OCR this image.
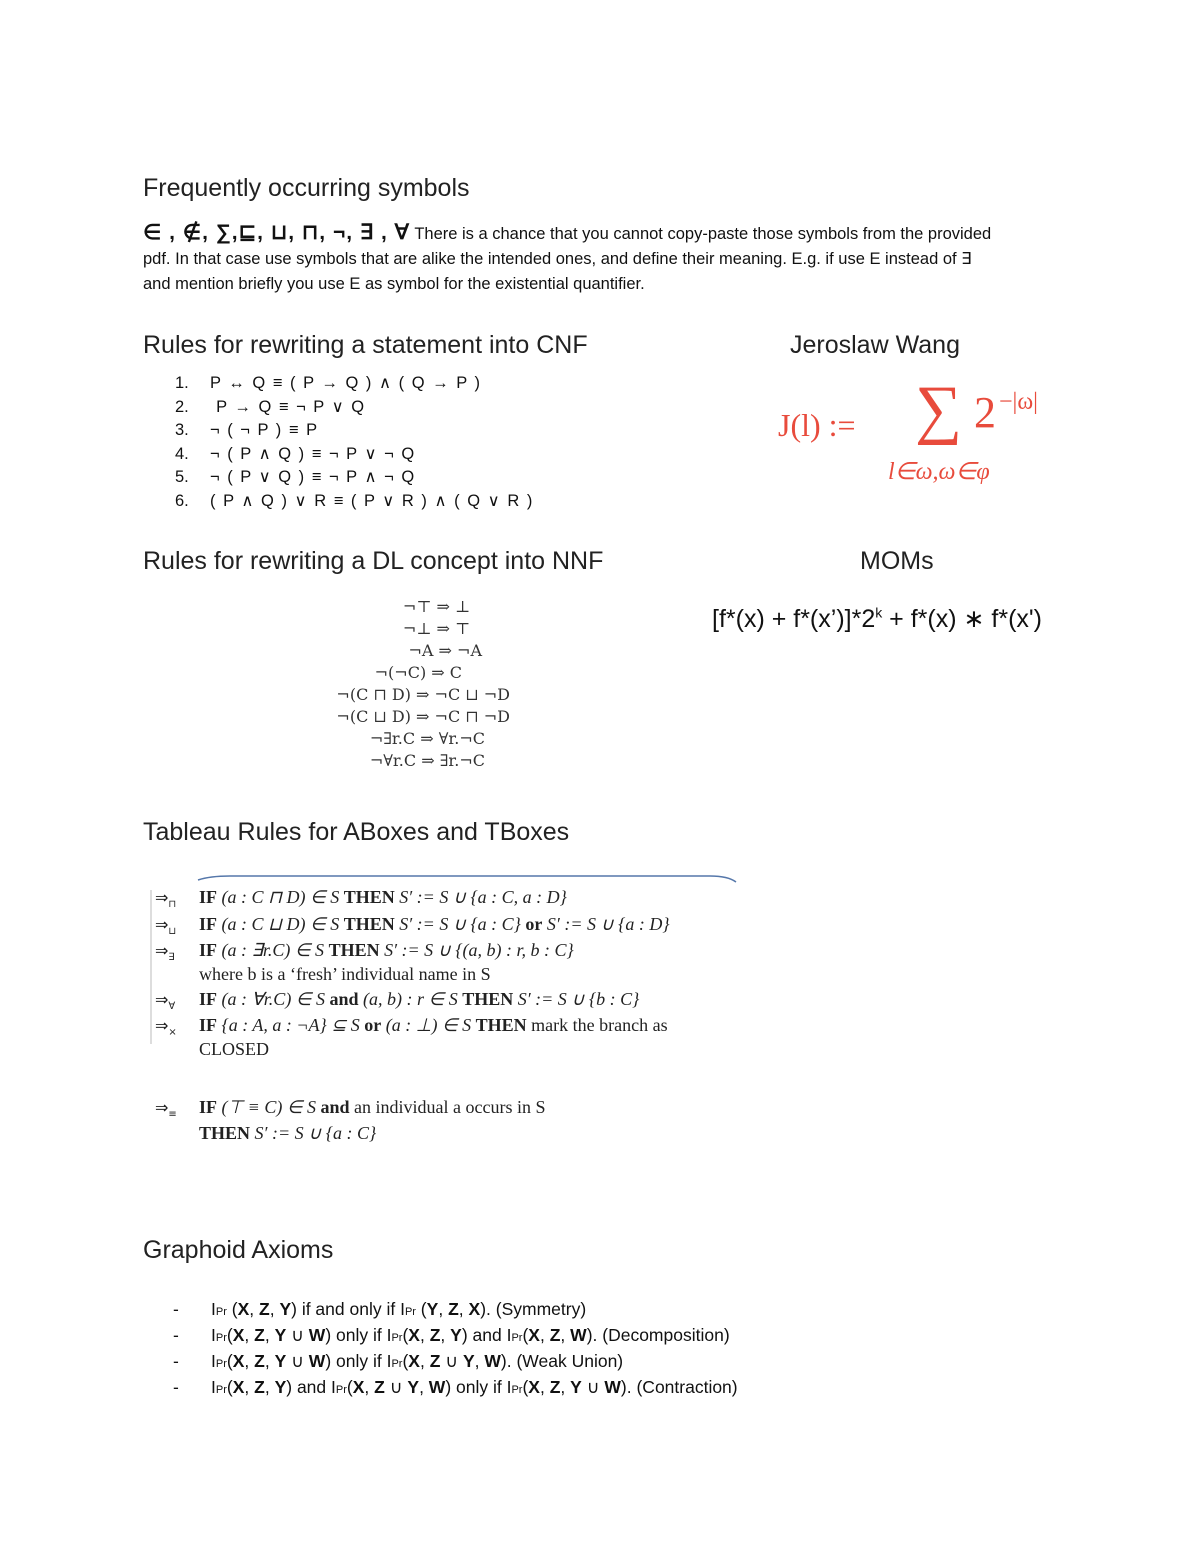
Frequently occurring symbols
∈ , ∉, ∑,⊑, ⊔, ⊓, ¬, ∃ , ∀ There is a chance that you cannot copy-paste those symbols from the provided
pdf. In that case use symbols that are alike the intended ones, and define their meaning. E.g. if use E instead of ∃
and mention briefly you use E as symbol for the existential quantifier.
Rules for rewriting a statement into CNF
1. P ↔ Q ≡ ( P → Q ) ∧ ( Q → P )
2. P → Q ≡ ¬ P ∨ Q
3. ¬ ( ¬ P ) ≡ P
4. ¬ ( P ∧ Q ) ≡ ¬ P ∨ ¬ Q
5. ¬ ( P ∨ Q ) ≡ ¬ P ∧ ¬ Q
6. ( P ∧ Q ) ∨ R ≡ ( P ∨ R ) ∧ ( Q ∨ R )
Jeroslaw Wang
J(l) := ∑ 2 −|ω|
l∈ω,ω∈φ
Rules for rewriting a DL concept into NNF
¬⊤ ⇒ ⊥
¬⊥ ⇒ ⊤
¬A ⇒ ¬A
¬(¬C) ⇒ C
¬(C ⊓ D) ⇒ ¬C ⊔ ¬D
¬(C ⊔ D) ⇒ ¬C ⊓ ¬D
¬∃r.C ⇒ ∀r.¬C
¬∀r.C ⇒ ∃r.¬C
MOMs
$[f*(x) + f*(x’)]*2^k + f*(x)$ ∗ f*(x')
Tableau Rules for ABoxes and TBoxes
$\Rightarrow_⊓$ IF (a : C ⊓ D) ∈ S THEN S′ := S ∪ {a : C, a : D}
$\Rightarrow_⊔$ IF (a : C ⊔ D) ∈ S THEN S′ := S ∪ {a : C} or S′ := S ∪ {a : D}
$\Rightarrow_\exists$ IF (a : ∃r.C) ∈ S THEN S′ := S ∪ {(a, b) : r, b : C}
where b is a ‘fresh’ individual name in S
$\Rightarrow_\forall$ IF (a : ∀r.C) ∈ S and (a, b) : r ∈ S THEN S′ := S ∪ {b : C}
$\Rightarrow_\times$ IF {a : A, a : ¬A} ⊆ S or (a : ⊥) ∈ S THEN mark the branch as
CLOSED
$\Rightarrow_\equiv$ IF (⊤ ≡ C) ∈ S and an individual a occurs in S
THEN S′ := S ∪ {a : C}
Graphoid Axioms
- IPr (X, Z, Y) if and only if IPr (Y, Z, X). (Symmetry)
- IPr(X, Z, Y ∪ W) only if IPr(X, Z, Y) and IPr(X, Z, W). (Decomposition)
- IPr(X, Z, Y ∪ W) only if IPr(X, Z ∪ Y, W). (Weak Union)
- IPr(X, Z, Y) and IPr(X, Z ∪ Y, W) only if IPr(X, Z, Y ∪ W). (Contraction)
